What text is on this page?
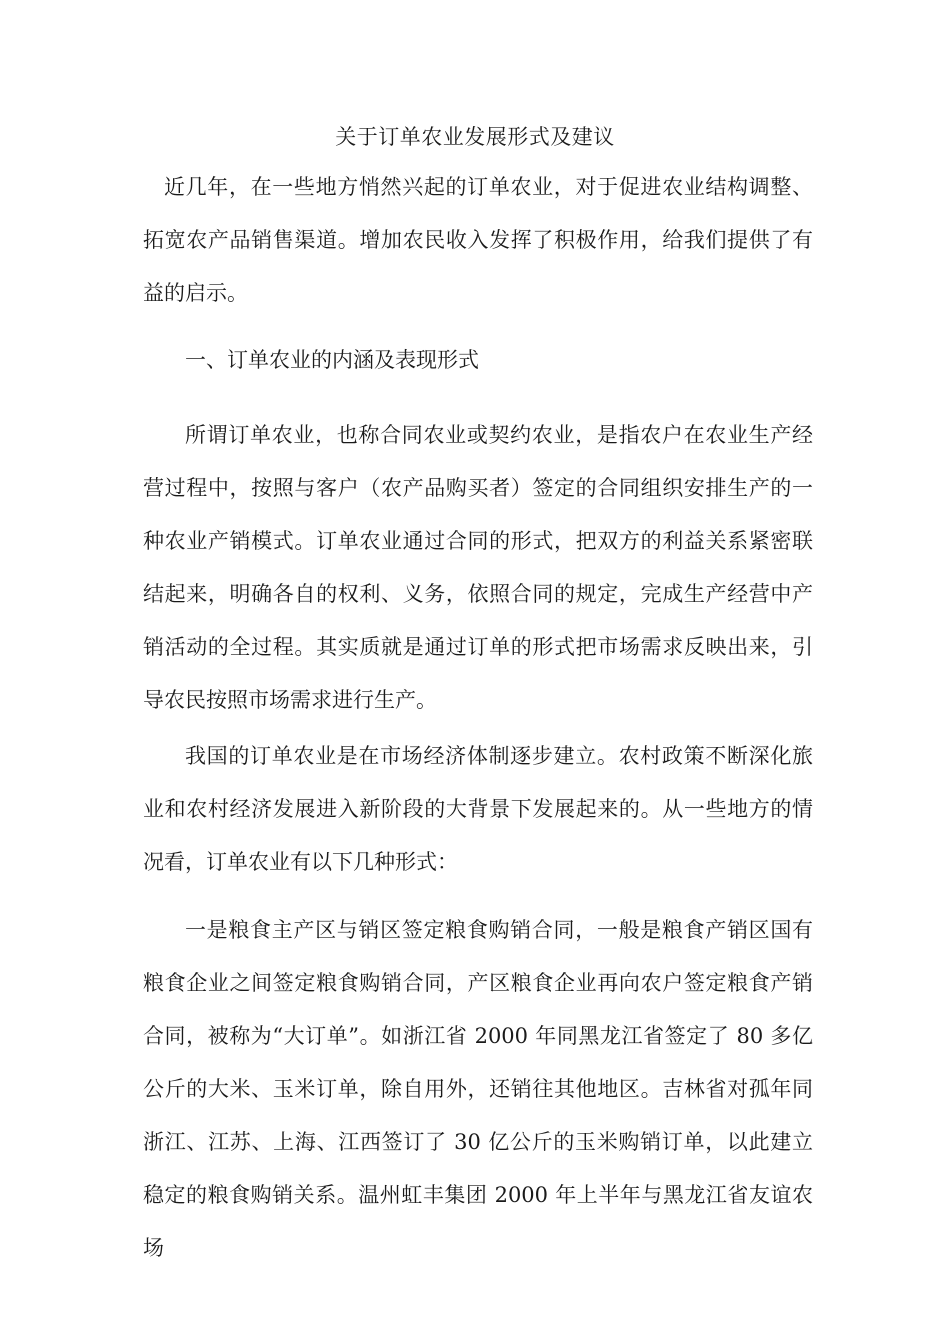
关于订单农业发展形式及建议

近几年，在一些地方悄然兴起的订单农业，对于促进农业结构调整、拓宽农产品销售渠道。增加农民收入发挥了积极作用，给我们提供了有益的启示。

一、订单农业的内涵及表现形式

所谓订单农业，也称合同农业或契约农业，是指农户在农业生产经营过程中，按照与客户（农产品购买者）签定的合同组织安排生产的一种农业产销模式。订单农业通过合同的形式，把双方的利益关系紧密联结起来，明确各自的权利、义务，依照合同的规定，完成生产经营中产销活动的全过程。其实质就是通过订单的形式把市场需求反映出来，引导农民按照市场需求进行生产。

我国的订单农业是在市场经济体制逐步建立。农村政策不断深化旅业和农村经济发展进入新阶段的大背景下发展起来的。从一些地方的情况看，订单农业有以下几种形式：

一是粮食主产区与销区签定粮食购销合同，一般是粮食产销区国有粮食企业之间签定粮食购销合同，产区粮食企业再向农户签定粮食产销合同，被称为“大订单”。如浙江省 2000 年同黑龙江省签定了 80 多亿公斤的大米、玉米订单，除自用外，还销往其他地区。吉林省对孤年同浙江、江苏、上海、江西签订了 30 亿公斤的玉米购销订单，以此建立稳定的粮食购销关系。温州虹丰集团 2000 年上半年与黑龙江省友谊农场
